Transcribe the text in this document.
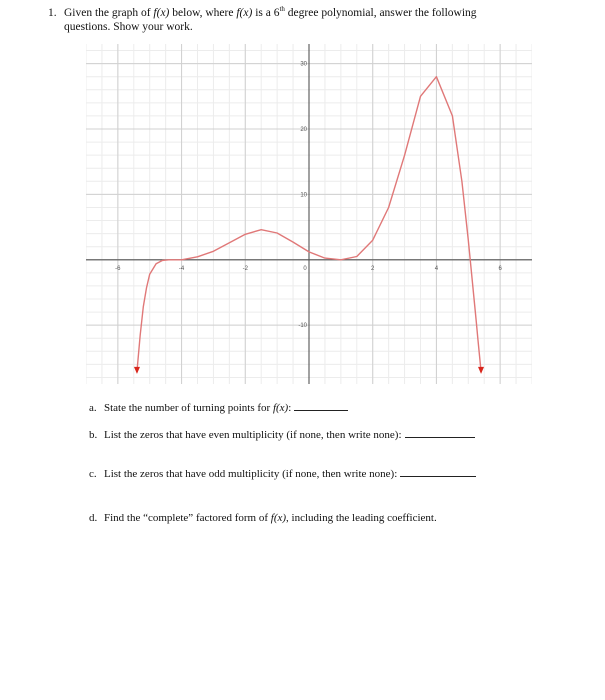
1. Given the graph of f(x) below, where f(x) is a 6th degree polynomial, answer the following
questions. Show your work.
-6	-4	-2	0	2	4	6
30
20
10
-10
a. State the number of turning points for f(x):
b. List the zeros that have even multiplicity (if none, then write none):
c. List the zeros that have odd multiplicity (if none, then write none):
d. Find the “complete” factored form of f(x), including the leading coefficient.
